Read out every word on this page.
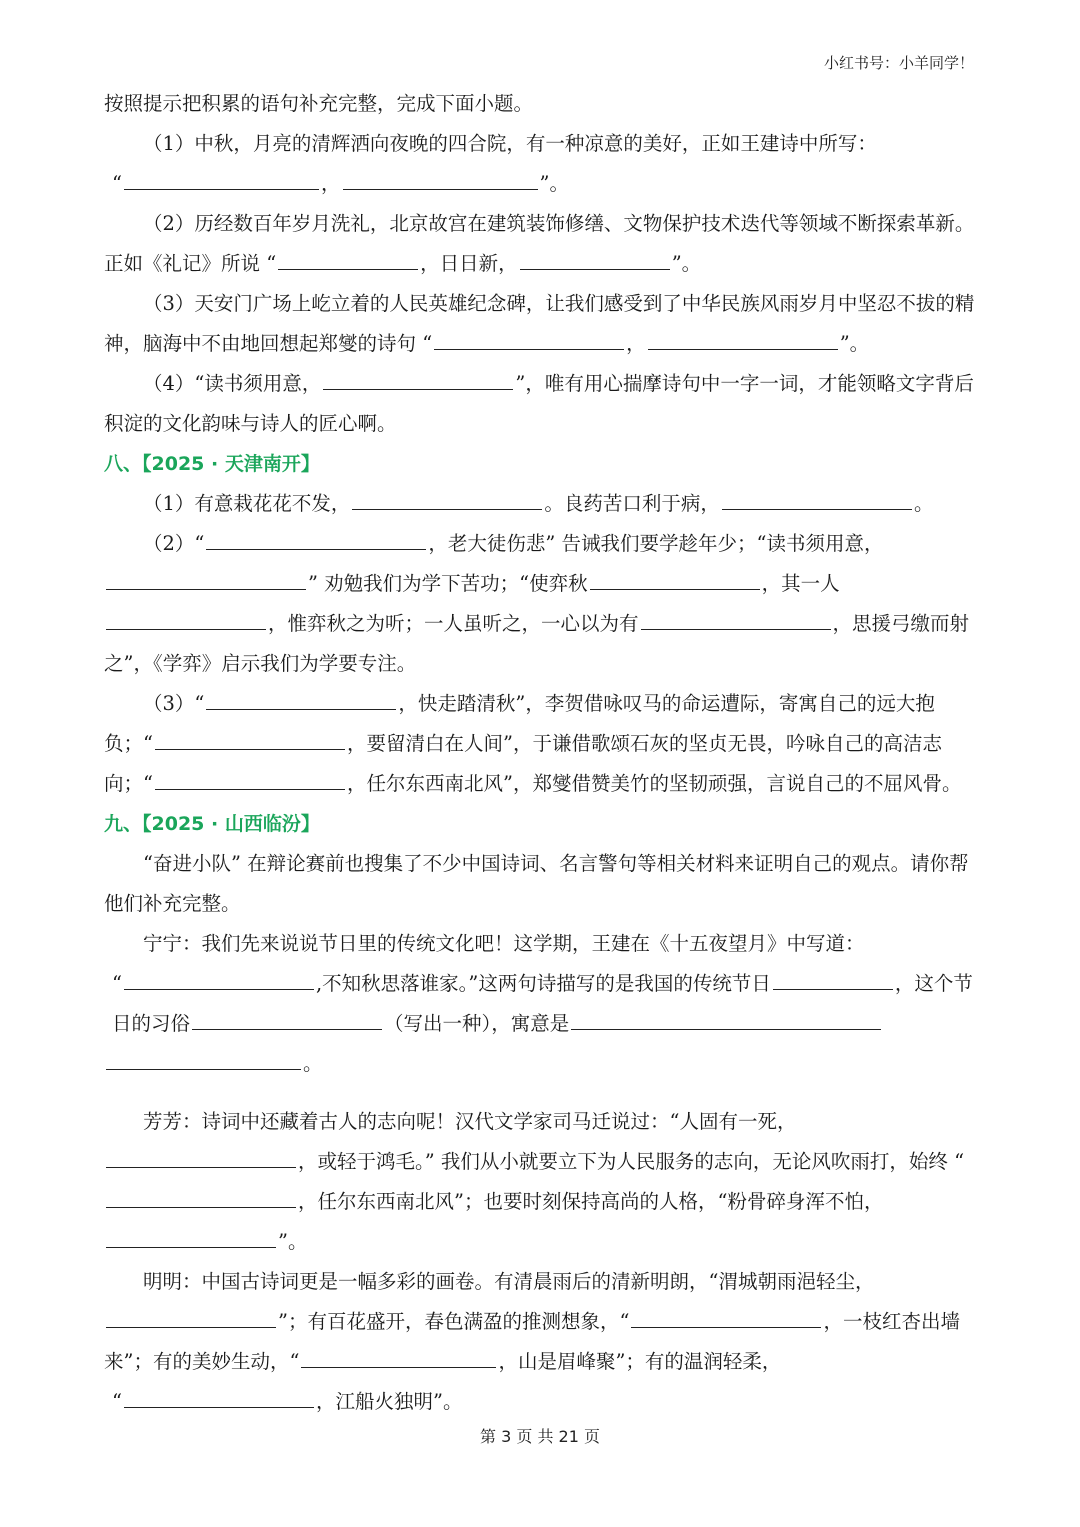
小红书号：小羊同学！

按照提示把积累的语句补充完整，完成下面小题。

（1）中秋，月亮的清辉洒向夜晚的四合院，有一种凉意的美好，正如王建诗中所写：

“	，	”。

（2）历经数百年岁月洗礼，北京故宫在建筑装饰修缮、文物保护技术迭代等领域不断探索革新。正如《礼记》所说 “	，日日新，	”。

（3）天安门广场上屹立着的人民英雄纪念碑，让我们感受到了中华民族风雨岁月中坚忍不拔的精神，脑海中不由地回想起郑燮的诗句 “	，	”。

（4）“读书须用意，	”，唯有用心揣摩诗句中一字一词，才能领略文字背后积淀的文化韵味与诗人的匠心啊。

八、【2025 · 天津南开】

（1）有意栽花花不发，	。良药苦口利于病，	。

（2）“	，老大徒伤悲” 告诫我们要学趁年少；“读书须用意，” 劝勉我们为学下苦功；“使弈秋	，其一人，惟弈秋之为听；一人虽听之，一心以为有	，思援弓缴而射之”，《学弈》启示我们为学要专注。

（3）“	，快走踏清秋”，李贺借咏叹马的命运遭际，寄寓自己的远大抱负；“	，要留清白在人间”，于谦借歌颂石灰的坚贞无畏，吟咏自己的高洁志向；“	，任尔东西南北风”，郑燮借赞美竹的坚韧顽强，言说自己的不屈风骨。

九、【2025 · 山西临汾】

“奋进小队” 在辩论赛前也搜集了不少中国诗词、名言警句等相关材料来证明自己的观点。请你帮他们补充完整。

宁宁：我们先来说说节日里的传统文化吧！这学期，王建在《十五夜望月》中写道：

“	,不知秋思落谁家。”这两句诗描写的是我国的传统节日	，这个节日的习俗	（写出一种），寓意是

。

芳芳：诗词中还藏着古人的志向呢！汉代文学家司马迁说过：“人固有一死，，或轻于鸿毛。” 我们从小就要立下为人民服务的志向，无论风吹雨打，始终 “，任尔东西南北风”；也要时刻保持高尚的人格，“粉骨碎身浑不怕，”。

明明：中国古诗词更是一幅多彩的画卷。有清晨雨后的清新明朗，“渭城朝雨浥轻尘，”；有百花盛开，春色满盈的推测想象，“	，一枝红杏出墙来”；有的美妙生动，“	，山是眉峰聚”；有的温润轻柔，

“	，江船火独明”。

第 3 页 共 21 页
